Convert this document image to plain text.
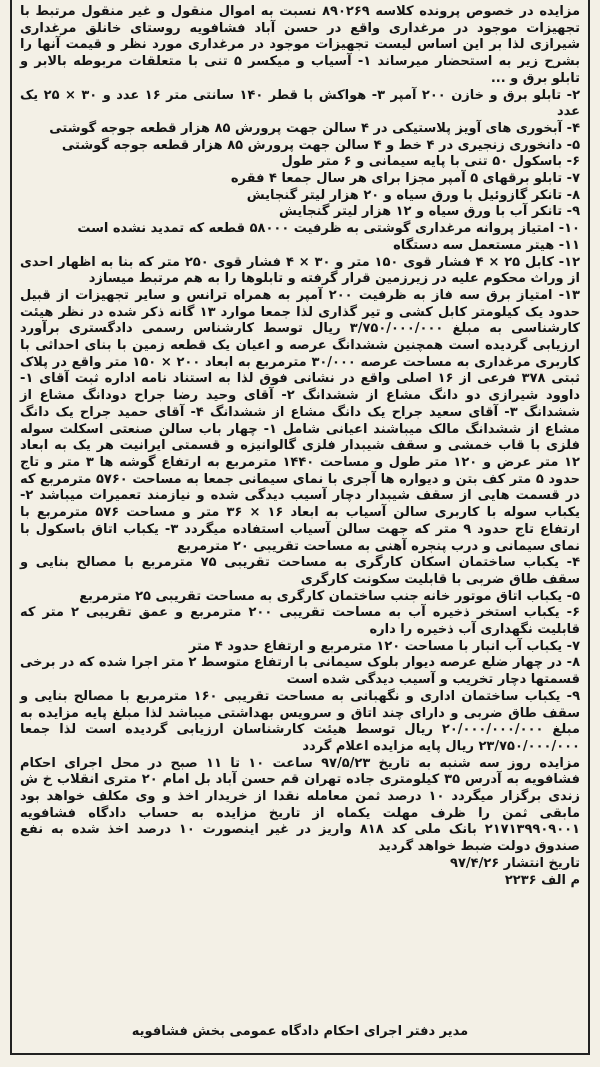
مزایده در خصوص پرونده کلاسه ۸۹۰۲۶۹ نسبت به اموال منقول و غیر منقول مرتبط با تجهیزات موجود در مرغداری واقع در حسن آباد فشافویه روستای خانلق مرغداری شیرازی لذا بر این اساس لیست تجهیزات موجود در مرغداری مورد نظر و قیمت آنها را بشرح زیر به استحضار میرساند ۱- آسیاب و میکسر ۵ تنی با متعلقات مربوطه بالابر و تابلو برق و ...

۲- تابلو برق و خازن ۲۰۰ آمپر ۳- هواکش با قطر ۱۴۰ سانتی متر ۱۶ عدد و ۳۰ × ۲۵ یک عدد

۴- آبخوری های آویز پلاستیکی در ۴ سالن جهت پرورش ۸۵ هزار قطعه جوجه گوشتی

۵- دانخوری زنجیری در ۴ خط و ۴ سالن جهت پرورش ۸۵ هزار قطعه جوجه گوشتی

۶- باسکول ۵۰ تنی با پایه سیمانی و ۶ متر طول

۷- تابلو برقهای ۵ آمپر مجزا برای هر سال جمعا ۴ فقره

۸- تانکر گازوئیل با ورق سیاه و ۲۰ هزار لیتر گنجایش

۹- تانکر آب با ورق سیاه و ۱۲ هزار لیتر گنجایش

۱۰- امتیاز پروانه مرغداری گوشتی به ظرفیت ۵۸۰۰۰ قطعه که تمدید نشده است

۱۱- هیتر مستعمل سه دستگاه

۱۲- کابل ۲۵ × ۴ فشار قوی ۱۵۰ متر و ۳۰ × ۴ فشار قوی ۲۵۰ متر که بنا به اظهار احدی از وراث محکوم علیه در زیرزمین قرار گرفته و تابلوها را به هم مرتبط میسازد

۱۳- امتیاز برق سه فاز به ظرفیت ۲۰۰ آمپر به همراه ترانس و سایر تجهیزات از قبیل حدود یک کیلومتر کابل کشی و تیر گذاری لذا جمعا موارد ۱۳ گانه ذکر شده در نظر هیئت کارشناسی به مبلغ ۳/۷۵۰/۰۰۰/۰۰۰ ریال توسط کارشناس رسمی دادگستری برآورد ارزیابی گردیده است همچنین ششدانگ عرصه و اعیان یک قطعه زمین با بنای احداثی با کاربری مرغداری به مساحت عرصه ۳۰/۰۰۰ مترمربع به ابعاد ۲۰۰ × ۱۵۰ متر واقع در پلاک ثبتی ۳۷۸ فرعی از ۱۶ اصلی واقع در نشانی فوق لذا به استناد نامه اداره ثبت آقای ۱- داوود شیرازی دو دانگ مشاع از ششدانگ ۲- آقای وحید رضا جراح دودانگ مشاع از ششدانگ ۳- آقای سعید جراح یک دانگ مشاع از ششدانگ ۴- آقای حمید جراح یک دانگ مشاع از ششدانگ مالک میباشند اعیانی شامل ۱- چهار باب سالن صنعتی اسکلت سوله فلزی با قاب خمشی و سقف شیبدار فلزی گالوانیزه و قسمتی ایرانیت هر یک به ابعاد ۱۲ متر عرض و ۱۲۰ متر طول و مساحت ۱۴۴۰ مترمربع به ارتفاع گوشه ها ۳ متر و تاج حدود ۵ متر کف بتن و دیواره ها آجری با نمای سیمانی جمعا به مساحت ۵۷۶۰ مترمربع که در قسمت هایی از سقف شیبدار دچار آسیب دیدگی شده و نیازمند تعمیرات میباشد ۲- یکباب سوله با کاربری سالن آسیاب به ابعاد ۱۶ × ۳۶ متر و مساحت ۵۷۶ مترمربع با ارتفاع تاج حدود ۹ متر که جهت سالن آسیاب استفاده میگردد ۳- یکباب اتاق باسکول با نمای سیمانی و درب پنجره آهنی به مساحت تقریبی ۲۰ مترمربع

۴- یکباب ساختمان اسکان کارگری به مساحت تقریبی ۷۵ مترمربع با مصالح بنایی و سقف طاق ضربی با قابلیت سکونت کارگری

۵- یکباب اتاق موتور خانه جنب ساختمان کارگری به مساحت تقریبی ۲۵ مترمربع

۶- یکباب استخر ذخیره آب به مساحت تقریبی ۲۰۰ مترمربع و عمق تقریبی ۲ متر که قابلیت نگهداری آب ذخیره را داره

۷- یکباب آب انبار با مساحت ۱۲۰ مترمربع و ارتفاع حدود ۴ متر

۸- در چهار ضلع عرصه دیوار بلوک سیمانی با ارتفاع متوسط ۲ متر اجرا شده که در برخی قسمتها دچار تخریب و آسیب دیدگی شده است

۹- یکباب ساختمان اداری و نگهبانی به مساحت تقریبی ۱۶۰ مترمربع با مصالح بنایی و سقف طاق ضربی و دارای چند اتاق و سرویس بهداشتی میباشد لذا مبلغ پایه مزایده به مبلغ ۲۰/۰۰۰/۰۰۰/۰۰۰ ریال توسط هیئت کارشناسان ارزیابی گردیده است لذا جمعا ۲۳/۷۵۰/۰۰۰/۰۰۰ ریال پایه مزایده اعلام گردد

مزایده روز سه شنبه به تاریخ ۹۷/۵/۲۳ ساعت ۱۰ تا ۱۱ صبح در محل اجرای احکام فشافویه به آدرس ۳۵ کیلومتری جاده تهران قم حسن آباد بل امام ۲۰ متری انقلاب خ ش زندی برگزار میگردد ۱۰ درصد ثمن معامله نقدا از خریدار اخذ و وی مکلف خواهد بود مابقی ثمن را ظرف مهلت یکماه از تاریخ مزایده به حساب دادگاه فشافویه ۲۱۷۱۳۹۹۰۹۰۰۱ بانک ملی کد ۸۱۸ واریز در غیر اینصورت ۱۰ درصد اخذ شده به نفع صندوق دولت ضبط خواهد گردید

تاریخ انتشار ۹۷/۴/۲۶
م الف ۲۲۳۶
مدیر دفتر اجرای احکام دادگاه عمومی بخش فشافویه
